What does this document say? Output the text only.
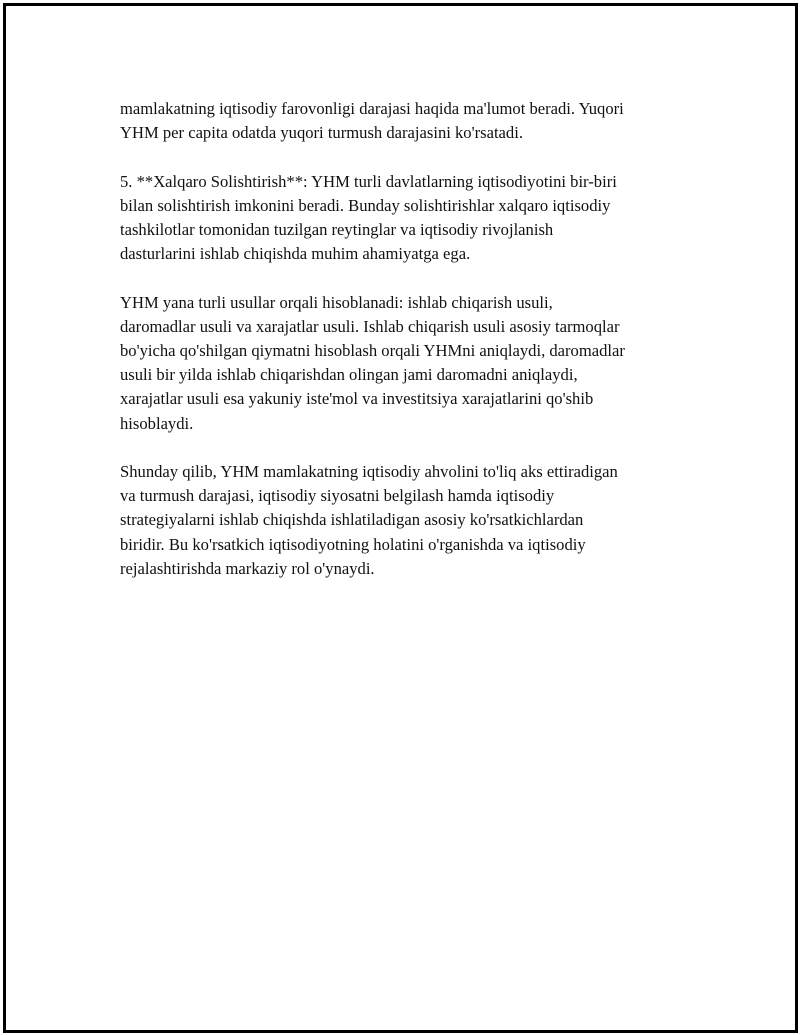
mamlakatning iqtisodiy farovonligi darajasi haqida ma'lumot beradi. Yuqori
YHM per capita odatda yuqori turmush darajasini ko'rsatadi.

5. **Xalqaro Solishtirish**: YHM turli davlatlarning iqtisodiyotini bir-biri
bilan solishtirish imkonini beradi. Bunday solishtirishlar xalqaro iqtisodiy
tashkilotlar tomonidan tuzilgan reytinglar va iqtisodiy rivojlanish
dasturlarini ishlab chiqishda muhim ahamiyatga ega.

YHM yana turli usullar orqali hisoblanadi: ishlab chiqarish usuli,
daromadlar usuli va xarajatlar usuli. Ishlab chiqarish usuli asosiy tarmoqlar
bo'yicha qo'shilgan qiymatni hisoblash orqali YHMni aniqlaydi, daromadlar
usuli bir yilda ishlab chiqarishdan olingan jami daromadni aniqlaydi,
xarajatlar usuli esa yakuniy iste'mol va investitsiya xarajatlarini qo'shib
hisoblaydi.

Shunday qilib, YHM mamlakatning iqtisodiy ahvolini to'liq aks ettiradigan
va turmush darajasi, iqtisodiy siyosatni belgilash hamda iqtisodiy
strategiyalarni ishlab chiqishda ishlatiladigan asosiy ko'rsatkichlardan
biridir. Bu ko'rsatkich iqtisodiyotning holatini o'rganishda va iqtisodiy
rejalashtirishda markaziy rol o'ynaydi.
